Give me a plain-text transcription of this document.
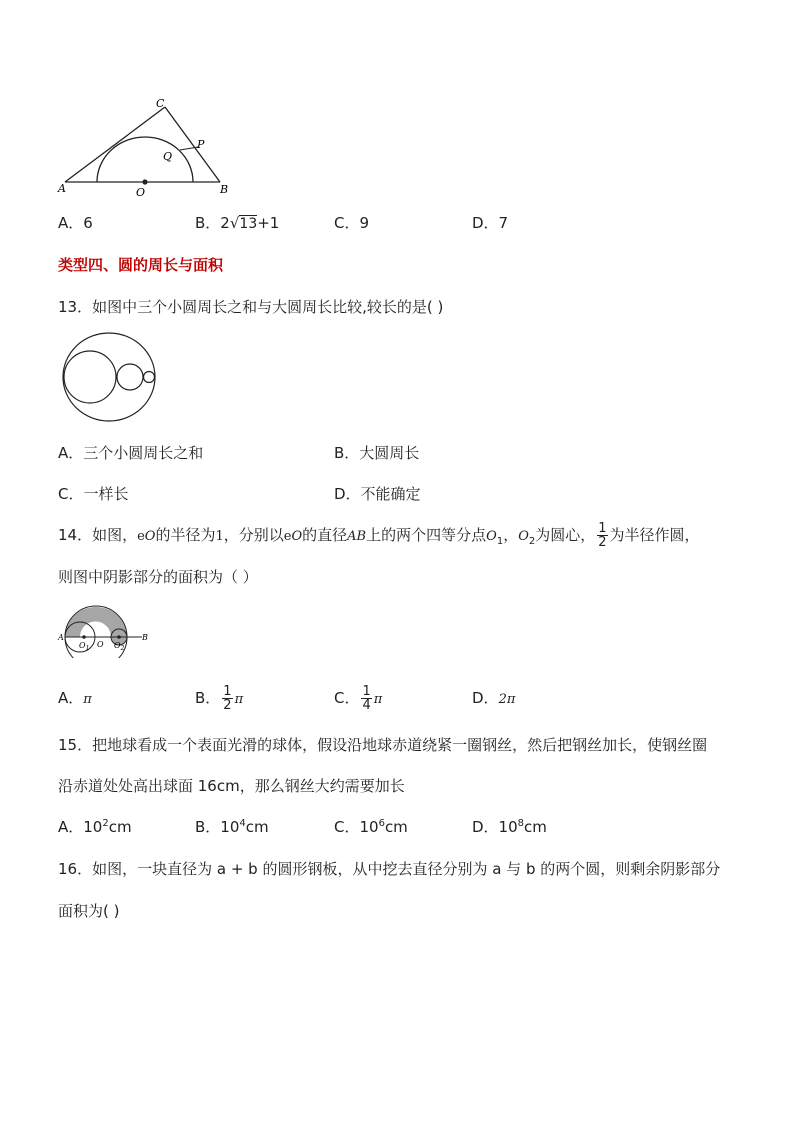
A	B
C
O
P
Q
A．6	B．2√13+1	C．9	D．7
类型四、圆的周长与面积
13．如图中三个小圆周长之和与大圆周长比较,较长的是( )
A．三个小圆周长之和	B．大圆周长
C．一样长	D．不能确定
14．如图，eO的半径为1，分别以eO的直径AB上的两个四等分点$O_1$，$O_2$为圆心， $\frac{1}{2}$ 为半径作圆，
则图中阴影部分的面积为（ ）
A	B
O
$O_1$	$O_2$
A．π	B． $\frac{1}{2}$ π	C． $\frac{1}{4}$ π	D．2π
15．把地球看成一个表面光滑的球体，假设沿地球赤道绕紧一圈钢丝，然后把钢丝加长，使钢丝圈
沿赤道处处高出球面 16cm，那么钢丝大约需要加长
A．$10^2cm$	B．$10^4cm$	C．$10^6cm$	D．$10^8cm$
16．如图，一块直径为 a + b 的圆形钢板，从中挖去直径分别为 a 与 b 的两个圆，则剩余阴影部分
面积为( )
